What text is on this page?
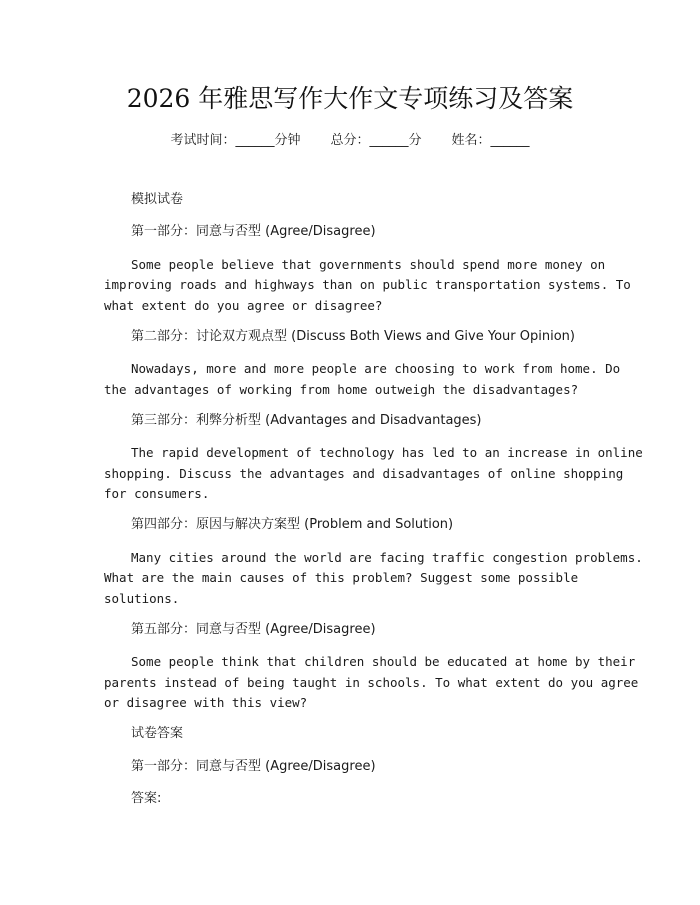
2026 年雅思写作大作文专项练习及答案
考试时间：______分钟 总分：______分 姓名：______
模拟试卷
第一部分：同意与否型 (Agree/Disagree)
Some people believe that governments should spend more money on
improving roads and highways than on public transportation systems. To
what extent do you agree or disagree?
第二部分：讨论双方观点型 (Discuss Both Views and Give Your Opinion)
Nowadays, more and more people are choosing to work from home. Do
the advantages of working from home outweigh the disadvantages?
第三部分：利弊分析型 (Advantages and Disadvantages)
The rapid development of technology has led to an increase in online
shopping. Discuss the advantages and disadvantages of online shopping
for consumers.
第四部分：原因与解决方案型 (Problem and Solution)
Many cities around the world are facing traffic congestion problems.
What are the main causes of this problem? Suggest some possible
solutions.
第五部分：同意与否型 (Agree/Disagree)
Some people think that children should be educated at home by their
parents instead of being taught in schools. To what extent do you agree
or disagree with this view?
试卷答案
第一部分：同意与否型 (Agree/Disagree)
答案:
